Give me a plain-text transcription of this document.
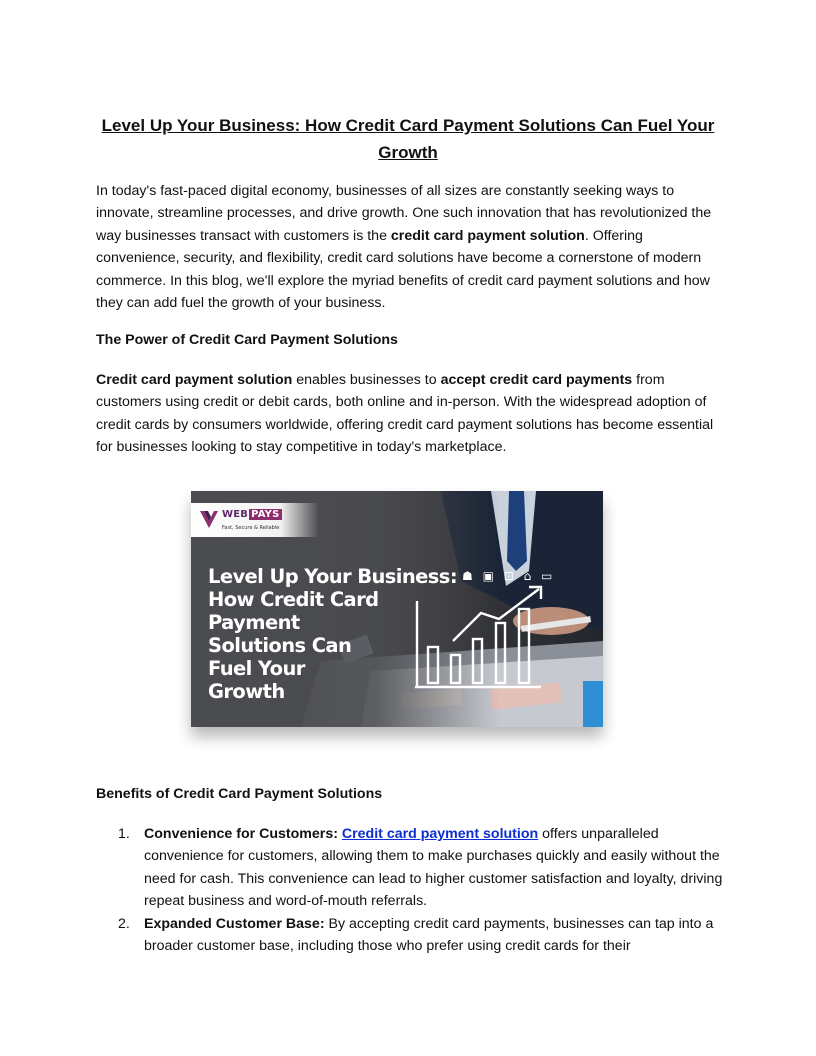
Level Up Your Business: How Credit Card Payment Solutions Can Fuel Your Growth

In today's fast-paced digital economy, businesses of all sizes are constantly seeking ways to innovate, streamline processes, and drive growth. One such innovation that has revolutionized the way businesses transact with customers is the credit card payment solution. Offering convenience, security, and flexibility, credit card solutions have become a cornerstone of modern commerce. In this blog, we'll explore the myriad benefits of credit card payment solutions and how they can add fuel the growth of your business.

The Power of Credit Card Payment Solutions

Credit card payment solution enables businesses to accept credit card payments from customers using credit or debit cards, both online and in-person. With the widespread adoption of credit cards by consumers worldwide, offering credit card payment solutions has become essential for businesses looking to stay competitive in today's marketplace.

WEB PAYS
Fast, Secure & Reliable
Level Up Your Business:
How Credit Card
Payment
Solutions Can
Fuel Your
Growth
☗ ▣ ⊡ ⌂ ▭
Benefits of Credit Card Payment Solutions
1. Convenience for Customers: Credit card payment solution offers unparalleled convenience for customers, allowing them to make purchases quickly and easily without the need for cash. This convenience can lead to higher customer satisfaction and loyalty, driving repeat business and word-of-mouth referrals.
2. Expanded Customer Base: By accepting credit card payments, businesses can tap into a broader customer base, including those who prefer using credit cards for their
